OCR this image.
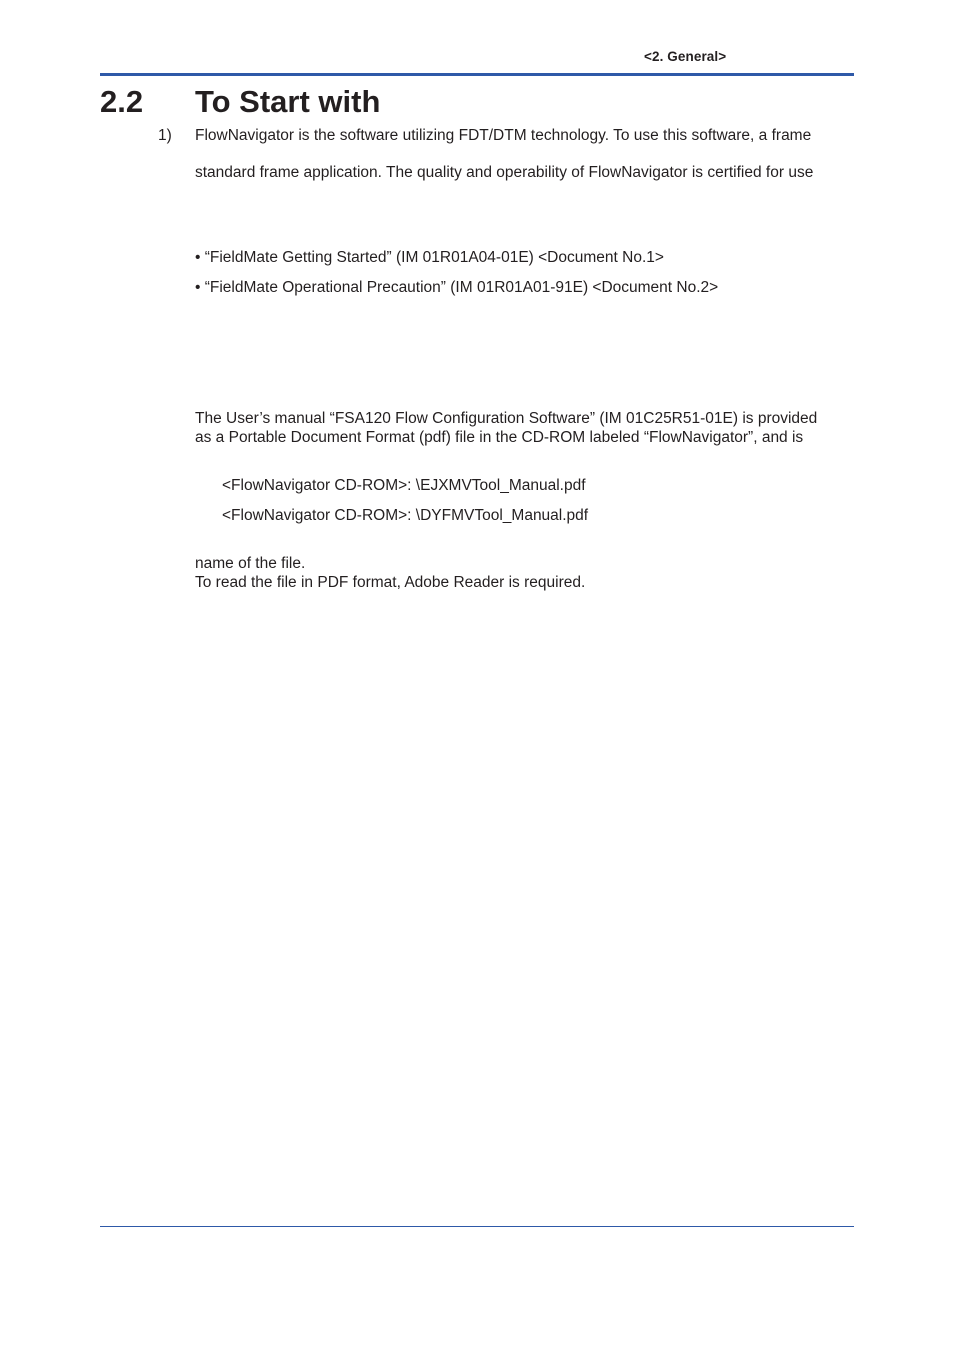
<2. General>
2.2 To Start with
1) FlowNavigator is the software utilizing FDT/DTM technology. To use this software, a frame
standard frame application. The quality and operability of FlowNavigator is certified for use
• “FieldMate Getting Started” (IM 01R01A04-01E) <Document No.1>
• “FieldMate Operational Precaution” (IM 01R01A01-91E) <Document No.2>
The User’s manual “FSA120 Flow Configuration Software” (IM 01C25R51-01E) is provided
as a Portable Document Format (pdf) file in the CD-ROM labeled “FlowNavigator”, and is
<FlowNavigator CD-ROM>: \EJXMVTool_Manual.pdf
<FlowNavigator CD-ROM>: \DYFMVTool_Manual.pdf
name of the file.
To read the file in PDF format, Adobe Reader is required.
